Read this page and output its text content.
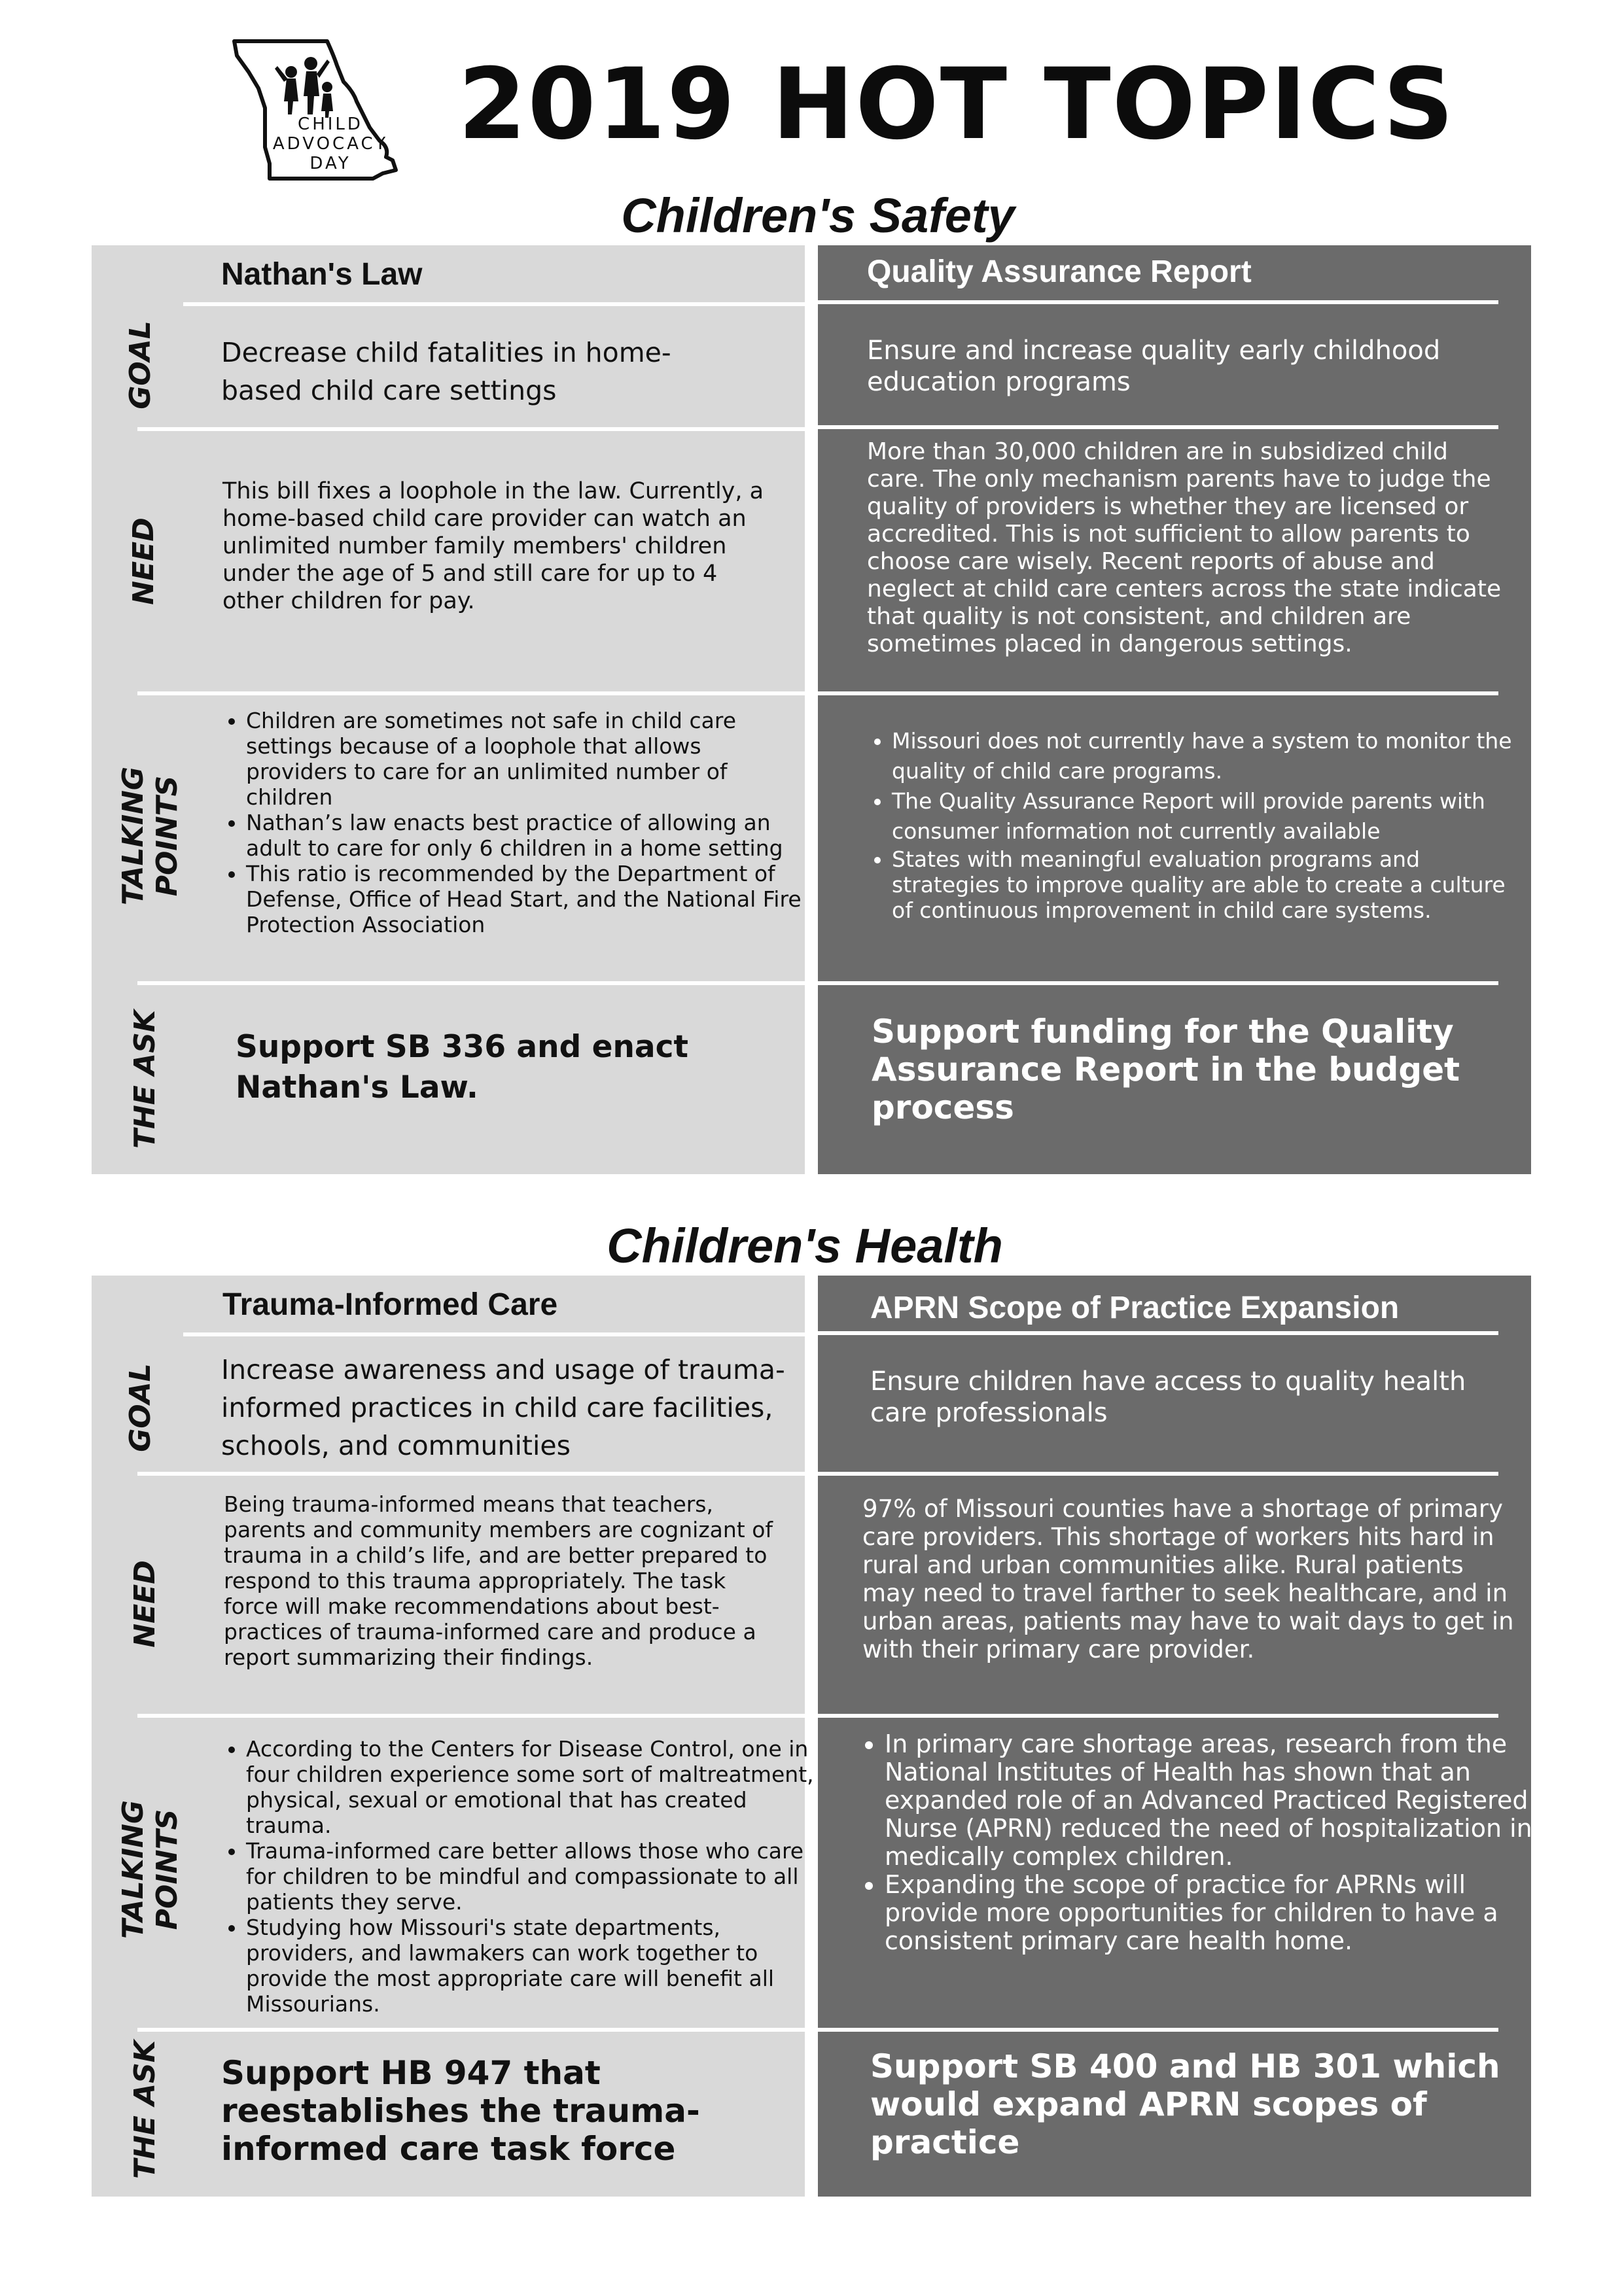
CHILD
ADVOCACY
DAY
2019 HOT TOPICS
Children's Safety
GOAL
NEED
TALKING POINTS
THE ASK
Nathan's Law
Decrease child fatalities in home-based child care settings
This bill fixes a loophole in the law. Currently, a home-based child care provider can watch an unlimited number family members' children under the age of 5 and still care for up to 4 other children for pay.
• Children are sometimes not safe in child care settings because of a loophole that allows providers to care for an unlimited number of children
• Nathan’s law enacts best practice of allowing an adult to care for only 6 children in a home setting
• This ratio is recommended by the Department of Defense, Office of Head Start, and the National Fire Protection Association
Support SB 336 and enact Nathan's Law.
Quality Assurance Report
Ensure and increase quality early childhood education programs
More than 30,000 children are in subsidized child care. The only mechanism parents have to judge the quality of providers is whether they are licensed or accredited. This is not sufficient to allow parents to choose care wisely. Recent reports of abuse and neglect at child care centers across the state indicate that quality is not consistent, and children are sometimes placed in dangerous settings.
• Missouri does not currently have a system to monitor the quality of child care programs.
• The Quality Assurance Report will provide parents with consumer information not currently available
• States with meaningful evaluation programs and strategies to improve quality are able to create a culture of continuous improvement in child care systems.
Support funding for the Quality Assurance Report in the budget process
Children's Health
GOAL
NEED
TALKING POINTS
THE ASK
Trauma-Informed Care
Increase awareness and usage of trauma-informed practices in child care facilities, schools, and communities
Being trauma-informed means that teachers, parents and community members are cognizant of trauma in a child’s life, and are better prepared to respond to this trauma appropriately. The task force will make recommendations about best-practices of trauma-informed care and produce a report summarizing their findings.
• According to the Centers for Disease Control, one in four children experience some sort of maltreatment, physical, sexual or emotional that has created trauma.
• Trauma-informed care better allows those who care for children to be mindful and compassionate to all patients they serve.
• Studying how Missouri's state departments, providers, and lawmakers can work together to provide the most appropriate care will benefit all Missourians.
Support HB 947 that reestablishes the trauma-informed care task force
APRN Scope of Practice Expansion
Ensure children have access to quality health care professionals
97% of Missouri counties have a shortage of primary care providers. This shortage of workers hits hard in rural and urban communities alike. Rural patients may need to travel farther to seek healthcare, and in urban areas, patients may have to wait days to get in with their primary care provider.
• In primary care shortage areas, research from the National Institutes of Health has shown that an expanded role of an Advanced Practiced Registered Nurse (APRN) reduced the need of hospitalization in medically complex children.
• Expanding the scope of practice for APRNs will provide more opportunities for children to have a consistent primary care health home.
Support SB 400 and HB 301 which would expand APRN scopes of practice
